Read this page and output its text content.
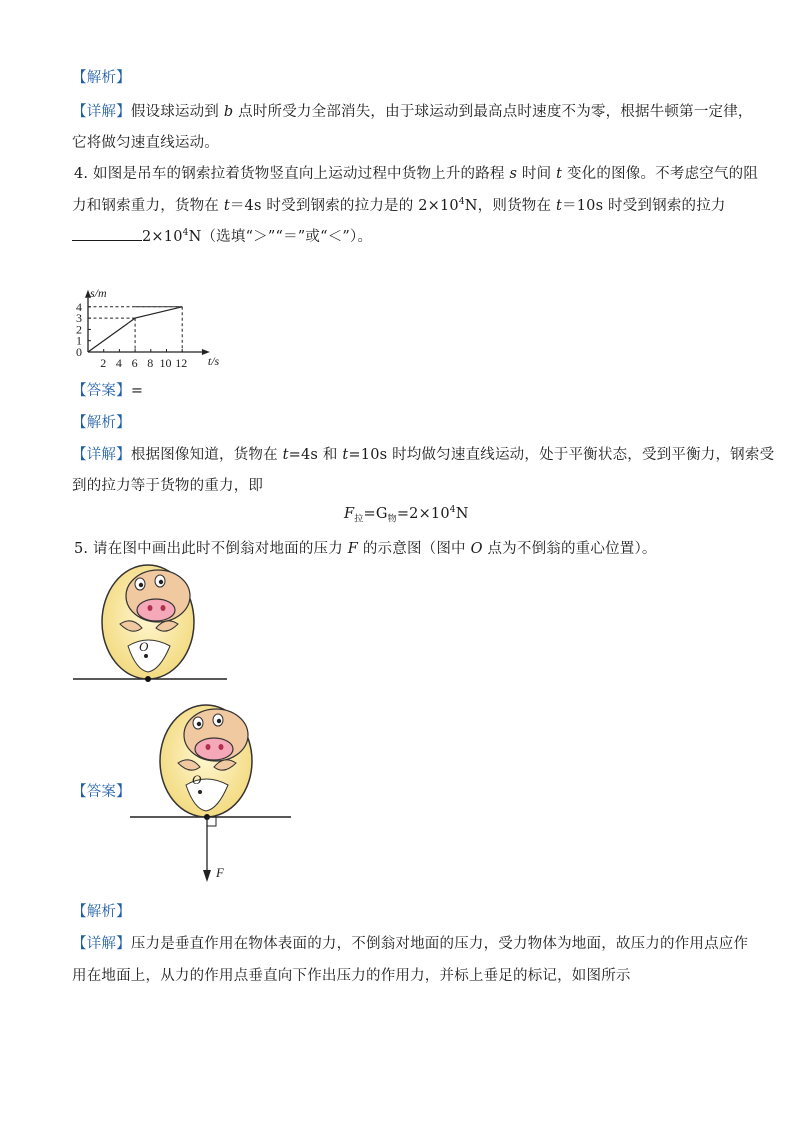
【解析】
【详解】假设球运动到 b 点时所受力全部消失，由于球运动到最高点时速度不为零，根据牛顿第一定律，
它将做匀速直线运动。
4. 如图是吊车的钢索拉着货物竖直向上运动过程中货物上升的路程 s 时间 t 变化的图像。不考虑空气的阻
力和钢索重力，货物在 t＝4s 时受到钢索的拉力是的 $2\times 10^4N$，则货物在 t＝10s 时受到钢索的拉力
$2\times 10^4N$（选填“＞”“＝”或“＜”）。
0
1
2
3
4
2 4 6 8 10 12
s/m
t/s
【答案】=
【解析】
【详解】根据图像知道，货物在 t=4s 和 t=10s 时均做匀速直线运动，处于平衡状态，受到平衡力，钢索受
到的拉力等于货物的重力，即
$F_拉=G_物=2\times 10^4N$
5. 请在图中画出此时不倒翁对地面的压力 F 的示意图（图中 O 点为不倒翁的重心位置）。
O
【答案】
O
F
【解析】
【详解】压力是垂直作用在物体表面的力，不倒翁对地面的压力，受力物体为地面，故压力的作用点应作
用在地面上，从力的作用点垂直向下作出压力的作用力，并标上垂足的标记，如图所示
